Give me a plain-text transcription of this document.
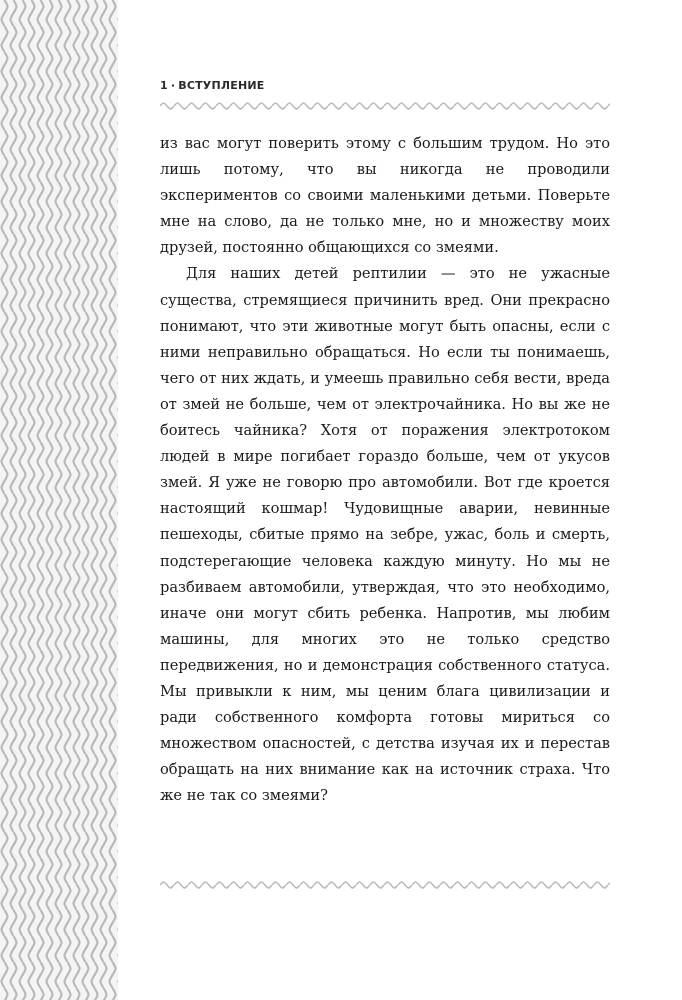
1 · ВСТУПЛЕНИЕ

из вас могут поверить этому с большим трудом. Но это лишь потому, что вы никогда не проводили экспериментов со своими маленькими детьми. Поверьте мне на слово, да не только мне, но и множеству моих друзей, постоянно общающихся со змеями.

Для наших детей рептилии — это не ужасные существа, стремящиеся причинить вред. Они прекрасно понимают, что эти животные могут быть опасны, если с ними неправильно обращаться. Но если ты понимаешь, чего от них ждать, и умеешь правильно себя вести, вреда от змей не больше, чем от электрочайника. Но вы же не боитесь чайника? Хотя от поражения электротоком людей в мире погибает гораздо больше, чем от укусов змей. Я уже не говорю про автомобили. Вот где кроется настоящий кошмар! Чудовищные аварии, невинные пешеходы, сбитые прямо на зебре, ужас, боль и смерть, подстерегающие человека каждую минуту. Но мы не разбиваем автомобили, утверждая, что это необходимо, иначе они могут сбить ребенка. Напротив, мы любим машины, для многих это не только средство передвижения, но и демонстрация собственного статуса. Мы привыкли к ним, мы ценим блага цивилизации и ради собственного комфорта готовы мириться со множеством опасностей, с детства изучая их и перестав обращать на них внимание как на источник страха. Что же не так со змеями?
